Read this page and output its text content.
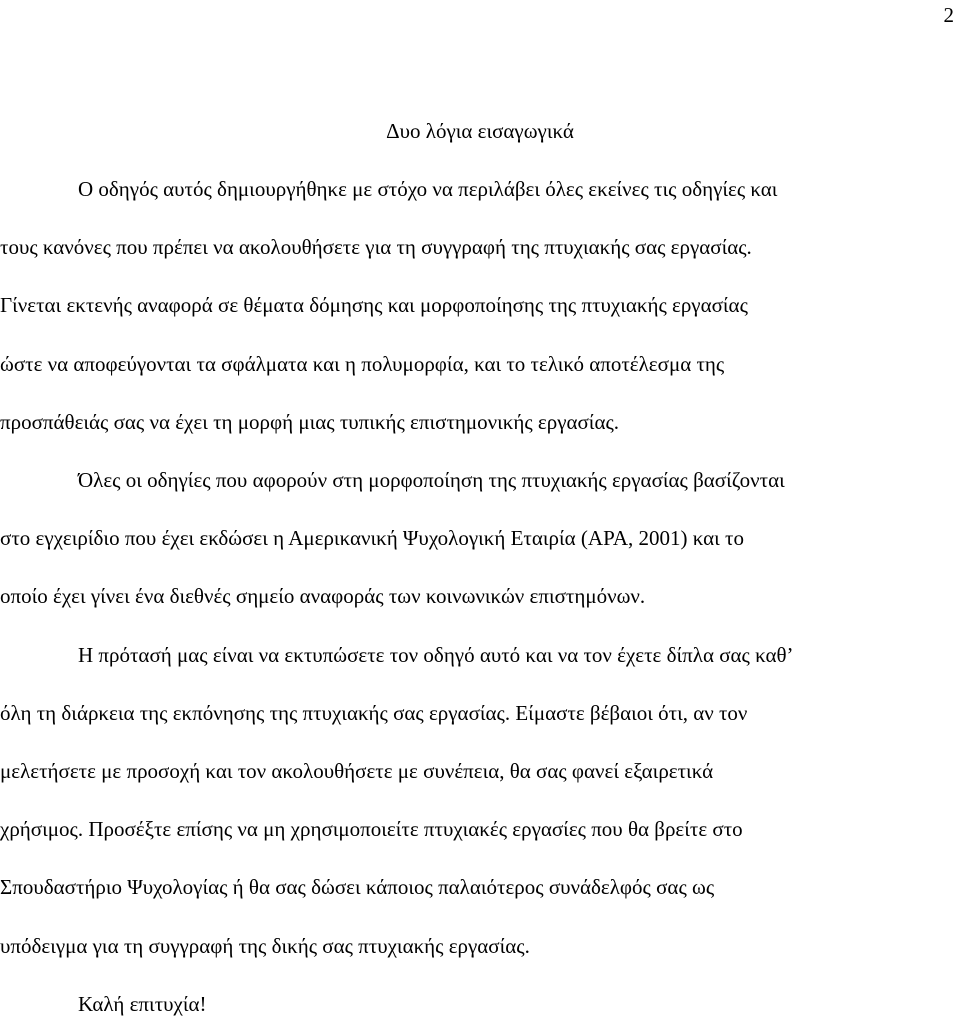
2
Δυο λόγια εισαγωγικά

Ο οδηγός αυτός δημιουργήθηκε με στόχο να περιλάβει όλες εκείνες τις οδηγίες και
τους κανόνες που πρέπει να ακολουθήσετε για τη συγγραφή της πτυχιακής σας εργασίας.
Γίνεται εκτενής αναφορά σε θέματα δόμησης και μορφοποίησης της πτυχιακής εργασίας
ώστε να αποφεύγονται τα σφάλματα και η πολυμορφία, και το τελικό αποτέλεσμα της
προσπάθειάς σας να έχει τη μορφή μιας τυπικής επιστημονικής εργασίας.

Όλες οι οδηγίες που αφορούν στη μορφοποίηση της πτυχιακής εργασίας βασίζονται
στο εγχειρίδιο που έχει εκδώσει η Αμερικανική Ψυχολογική Εταιρία (APA, 2001) και το
οποίο έχει γίνει ένα διεθνές σημείο αναφοράς των κοινωνικών επιστημόνων.

Η πρότασή μας είναι να εκτυπώσετε τον οδηγό αυτό και να τον έχετε δίπλα σας καθ’
όλη τη διάρκεια της εκπόνησης της πτυχιακής σας εργασίας. Είμαστε βέβαιοι ότι, αν τον
μελετήσετε με προσοχή και τον ακολουθήσετε με συνέπεια, θα σας φανεί εξαιρετικά
χρήσιμος. Προσέξτε επίσης να μη χρησιμοποιείτε πτυχιακές εργασίες που θα βρείτε στο
Σπουδαστήριο Ψυχολογίας ή θα σας δώσει κάποιος παλαιότερος συνάδελφός σας ως
υπόδειγμα για τη συγγραφή της δικής σας πτυχιακής εργασίας.

Καλή επιτυχία!
